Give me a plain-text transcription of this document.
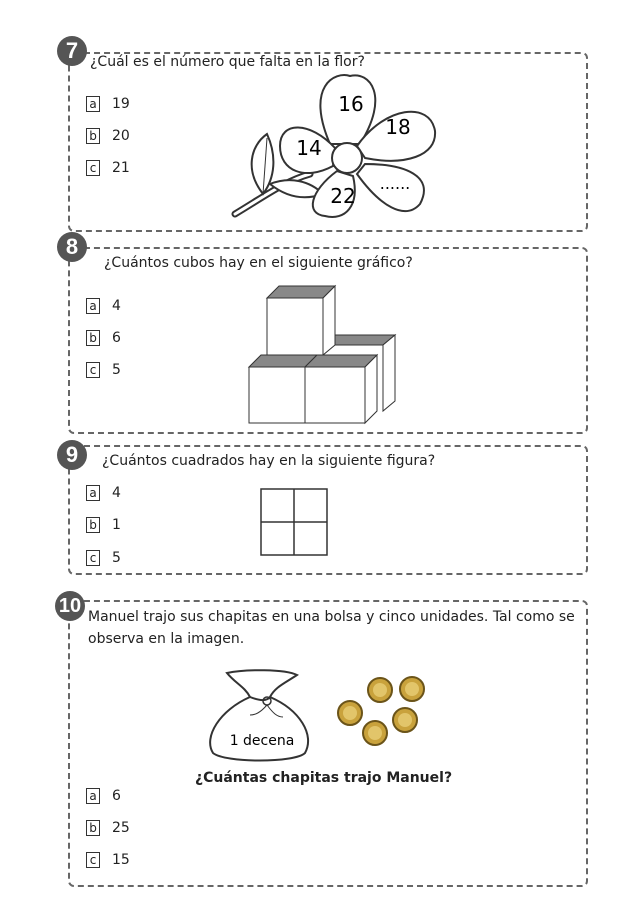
7 ¿Cuál es el número que falta en la flor?
a 19
b 20
c 21
16
18
14
22
......
8
¿Cuántos cubos hay en el siguiente gráfico?
a 4
b 6
c 5
9	¿Cuántos cuadrados hay en la siguiente figura?
a 4
b 1
c 5
10 Manuel trajo sus chapitas en una bolsa y cinco unidades. Tal como se observa en la imagen.
1 decena
¿Cuántas chapitas trajo Manuel?
a 6
b 25
c 15
